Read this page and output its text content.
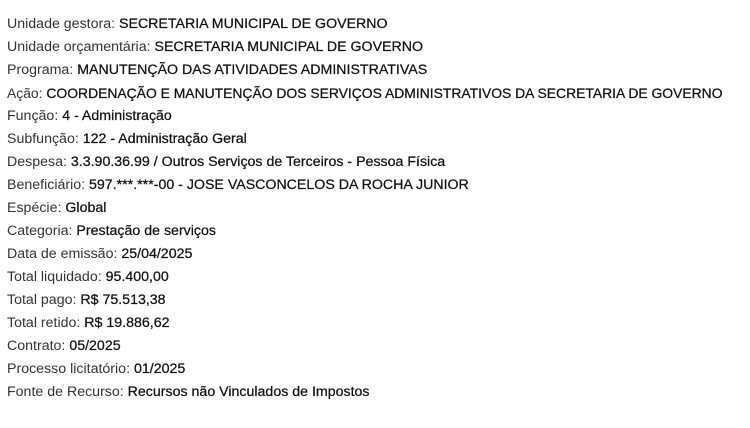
Unidade gestora: SECRETARIA MUNICIPAL DE GOVERNO
Unidade orçamentária: SECRETARIA MUNICIPAL DE GOVERNO
Programa: MANUTENÇÃO DAS ATIVIDADES ADMINISTRATIVAS
Ação: COORDENAÇÃO E MANUTENÇÃO DOS SERVIÇOS ADMINISTRATIVOS DA SECRETARIA DE GOVERNO
Função: 4 - Administração
Subfunção: 122 - Administração Geral
Despesa: 3.3.90.36.99 / Outros Serviços de Terceiros - Pessoa Física
Beneficiário: 597.***.***-00 - JOSE VASCONCELOS DA ROCHA JUNIOR
Espécie: Global
Categoria: Prestação de serviços
Data de emissão: 25/04/2025
Total liquidado: 95.400,00
Total pago: R$ 75.513,38
Total retido: R$ 19.886,62
Contrato: 05/2025
Processo licitatório: 01/2025
Fonte de Recurso: Recursos não Vinculados de Impostos
